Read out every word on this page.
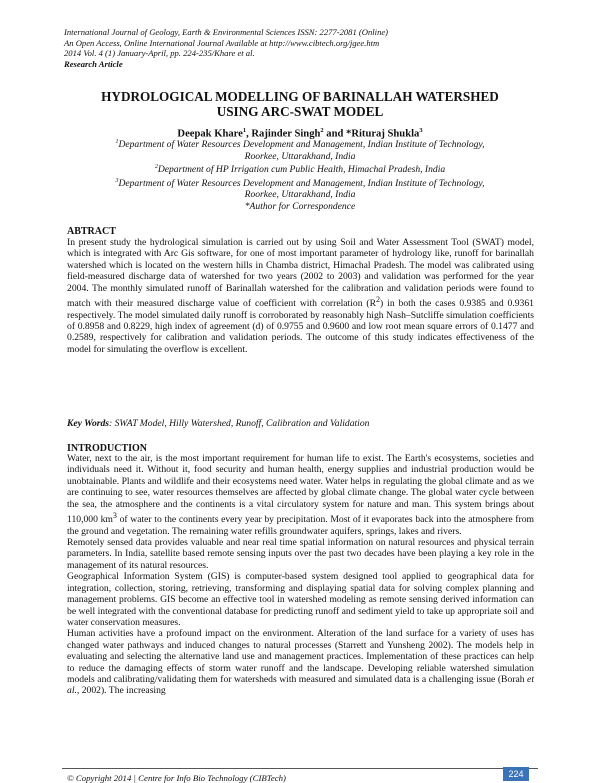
International Journal of Geology, Earth & Environmental Sciences ISSN: 2277-2081 (Online)
An Open Access, Online International Journal Available at http://www.cibtech.org/jgee.htm
2014 Vol. 4 (1) January-April, pp. 224-235/Khare et al.
Research Article
HYDROLOGICAL MODELLING OF BARINALLAH WATERSHED
USING ARC-SWAT MODEL
Deepak Khare$^1$, Rajinder Singh$^2$ and *Rituraj Shukla$^3$
$^1$Department of Water Resources Development and Management, Indian Institute of Technology,
Roorkee, Uttarakhand, India
$^2$Department of HP Irrigation cum Public Health, Himachal Pradesh, India
$^3$Department of Water Resources Development and Management, Indian Institute of Technology,
Roorkee, Uttarakhand, India
*Author for Correspondence
ABTRACT

In present study the hydrological simulation is carried out by using Soil and Water Assessment Tool (SWAT) model, which is integrated with Arc Gis software, for one of most important parameter of hydrology like, runoff for barinallah watershed which is located on the western hills in Chamba district, Himachal Pradesh. The model was calibrated using field-measured discharge data of watershed for two years (2002 to 2003) and validation was performed for the year 2004. The monthly simulated runoff of Barinallah watershed for the calibration and validation periods were found to match with their measured discharge value of coefficient with correlation $(R^2)$ in both the cases 0.9385 and 0.9361 respectively. The model simulated daily runoff is corroborated by reasonably high Nash–Sutcliffe simulation coefficients of 0.8958 and 0.8229, high index of agreement (d) of 0.9755 and 0.9600 and low root mean square errors of 0.1477 and 0.2589, respectively for calibration and validation periods. The outcome of this study indicates effectiveness of the model for simulating the overflow is excellent.

Key Words: SWAT Model, Hilly Watershed, Runoff, Calibration and Validation
INTRODUCTION

Water, next to the air, is the most important requirement for human life to exist. The Earth's ecosystems, societies and individuals need it. Without it, food security and human health, energy supplies and industrial production would be unobtainable. Plants and wildlife and their ecosystems need water. Water helps in regulating the global climate and as we are continuing to see, water resources themselves are affected by global climate change. The global water cycle between the sea, the atmosphere and the continents is a vital circulatory system for nature and man. This system brings about 110,000 $km^3$ of water to the continents every year by precipitation. Most of it evaporates back into the atmosphere from the ground and vegetation. The remaining water refills groundwater aquifers, springs, lakes and rivers.

Remotely sensed data provides valuable and near real time spatial information on natural resources and physical terrain parameters. In India, satellite based remote sensing inputs over the past two decades have been playing a key role in the management of its natural resources.

Geographical Information System (GIS) is computer-based system designed tool applied to geographical data for integration, collection, storing, retrieving, transforming and displaying spatial data for solving complex planning and management problems. GIS become an effective tool in watershed modeling as remote sensing derived information can be well integrated with the conventional database for predicting runoff and sediment yield to take up appropriate soil and water conservation measures.

Human activities have a profound impact on the environment. Alteration of the land surface for a variety of uses has changed water pathways and induced changes to natural processes (Starrett and Yunsheng 2002). The models help in evaluating and selecting the alternative land use and management practices. Implementation of these practices can help to reduce the damaging effects of storm water runoff and the landscape. Developing reliable watershed simulation models and calibrating/validating them for watersheds with measured and simulated data is a challenging issue (Borah et al., 2002). The increasing

© Copyright 2014 | Centre for Info Bio Technology (CIBTech)	224
